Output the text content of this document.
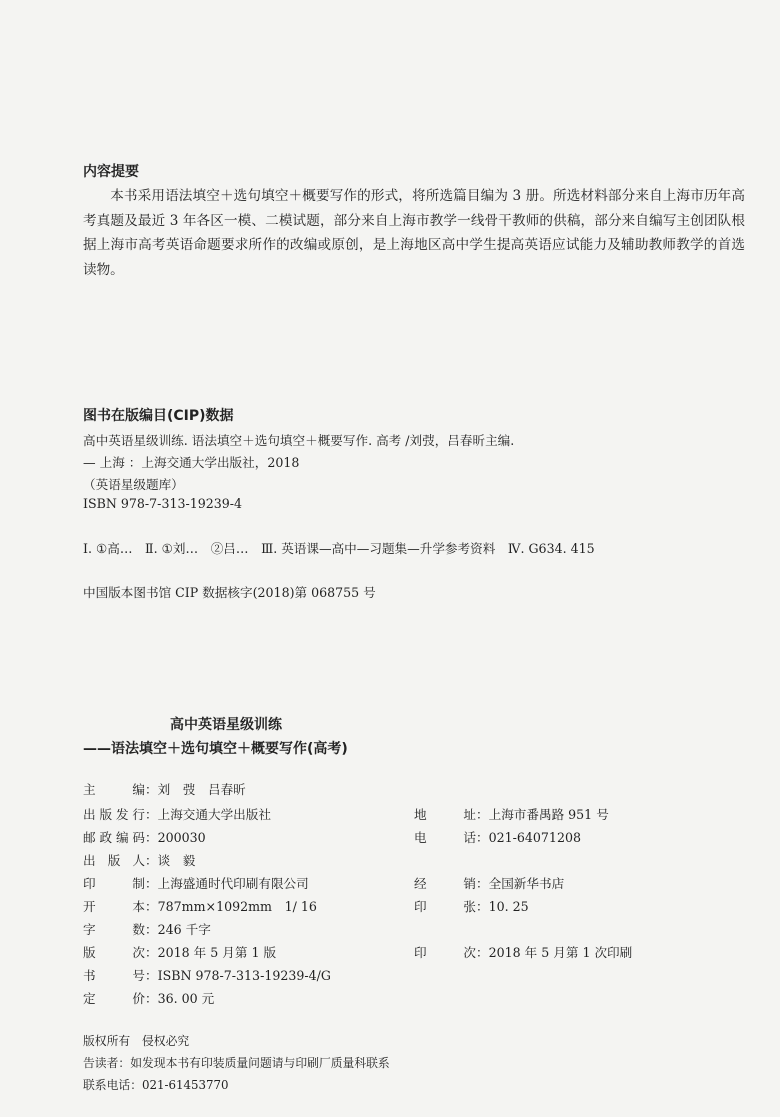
内容提要
本书采用语法填空＋选句填空＋概要写作的形式，将所选篇目编为 3 册。所选材料部分来自上海市历年高考真题及最近 3 年各区一模、二模试题，部分来自上海市教学一线骨干教师的供稿，部分来自编写主创团队根据上海市高考英语命题要求所作的改编或原创，是上海地区高中学生提高英语应试能力及辅助教师教学的首选读物。
图书在版编目(CIP)数据
高中英语星级训练. 语法填空＋选句填空＋概要写作. 高考 /刘弢，吕春昕主编.
— 上海 ：上海交通大学出版社，2018
（英语星级题库）
ISBN 978-7-313-19239-4
Ⅰ. ①高…　Ⅱ. ①刘…　②吕…　Ⅲ. 英语课—高中—习题集—升学参考资料　Ⅳ. G634. 415
中国版本图书馆 CIP 数据核字(2018)第 068755 号
高中英语星级训练
——语法填空＋选句填空＋概要写作(高考)
主　编：刘　弢　吕春昕
出版发行：上海交通大学出版社
邮政编码：200030
出 版 人：谈　毅
印　制：上海盛通时代印刷有限公司
开　本：787mm×1092mm　1/ 16
字　数：246 千字
版　次：2018 年 5 月第 1 版
书　号：ISBN 978-7-313-19239-4/G
定　价：36. 00 元
地　址：上海市番禺路 951 号
电　话：021-64071208
经　销：全国新华书店
印　张：10. 25
印　次：2018 年 5 月第 1 次印刷
版权所有　侵权必究
告读者：如发现本书有印装质量问题请与印刷厂质量科联系
联系电话：021-61453770
